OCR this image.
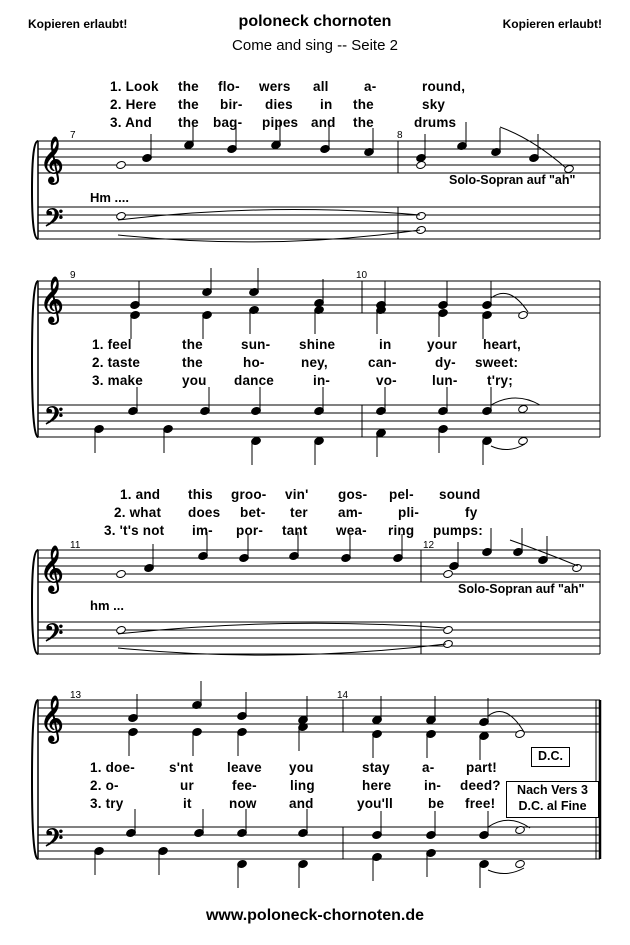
Kopieren erlaubt!	Kopieren erlaubt!
poloneck chornoten
Come and sing -- Seite 2
𝄞
𝄢
𝄞
𝄢
𝄞
𝄢
𝄞
𝄢
7	8
1. Look the flo- wers all	a-	round,
2. Here the bir- dies in the	sky
3. And the bag- pipes and the	drums
Hm ....
Solo-Sopran auf "ah"
9	10
1. feel	the	sun- shine	in	your heart,
2. taste	the	ho-	ney,	can-	dy- sweet:
3. make	you dance	in-	vo-	lun- t'ry;
11	12
1. and this groo- vin' gos- pel- sound
2. what does bet- ter am-	pli-	fy
3. 't's not im- por- tant wea- ring pumps:
hm ...
Solo-Sopran auf "ah"
13	14
1. doe-	s'nt leave you	stay a- part!
2. o-	ur	fee- ling	here in- deed?
3. try	it	now and	you'll	be free!
D.C.
Nach Vers 3
D.C. al Fine
www.poloneck-chornoten.de
